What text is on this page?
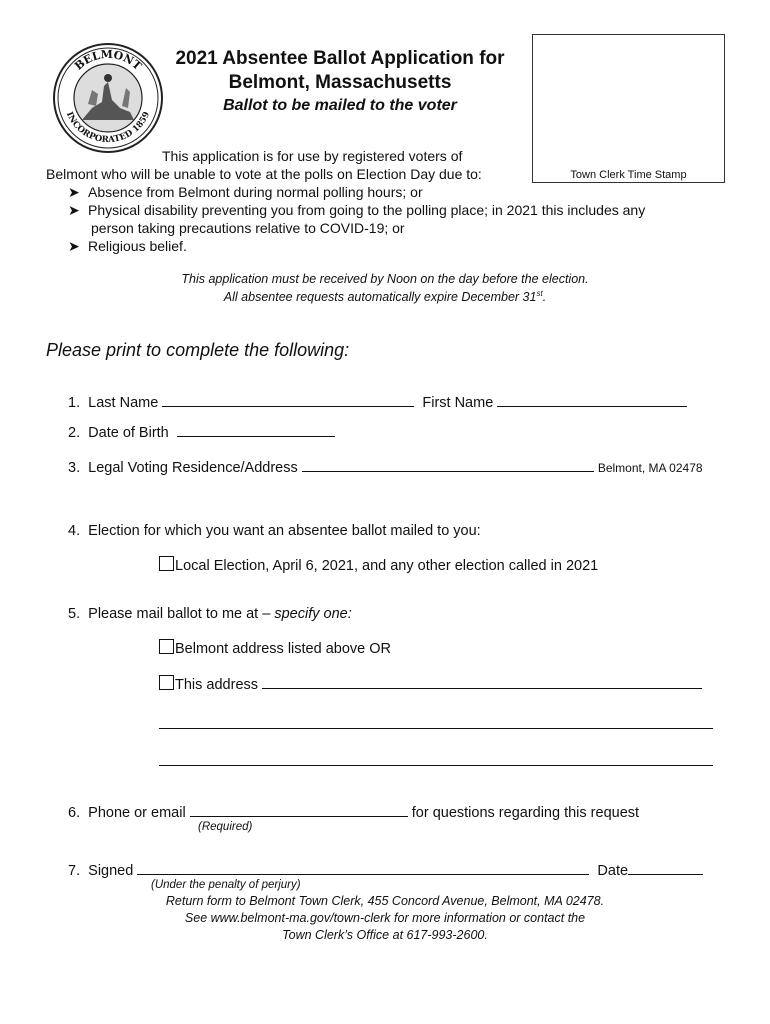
BELMONT
INCORPORATED 1859
2021 Absentee Ballot Application for
Belmont, Massachusetts
Ballot to be mailed to the voter
Town Clerk Time Stamp
This application is for use by registered voters of
Belmont who will be unable to vote at the polls on Election Day due to:
➤ Absence from Belmont during normal polling hours; or
➤ Physical disability preventing you from going to the polling place; in 2021 this includes any
person taking precautions relative to COVID-19; or
➤ Religious belief.
This application must be received by Noon on the day before the election.
All absentee requests automatically expire December 31st.
Please print to complete the following:
1. Last Name	First Name
2. Date of Birth
3. Legal Voting Residence/Address	Belmont, MA 02478
4. Election for which you want an absentee ballot mailed to you:
Local Election, April 6, 2021, and any other election called in 2021
5. Please mail ballot to me at – specify one:
Belmont address listed above OR
This address
6. Phone or email	for questions regarding this request
(Required)
7. Signed	Date
(Under the penalty of perjury)
Return form to Belmont Town Clerk, 455 Concord Avenue, Belmont, MA 02478.
See www.belmont-ma.gov/town-clerk for more information or contact the
Town Clerk’s Office at 617-993-2600.
